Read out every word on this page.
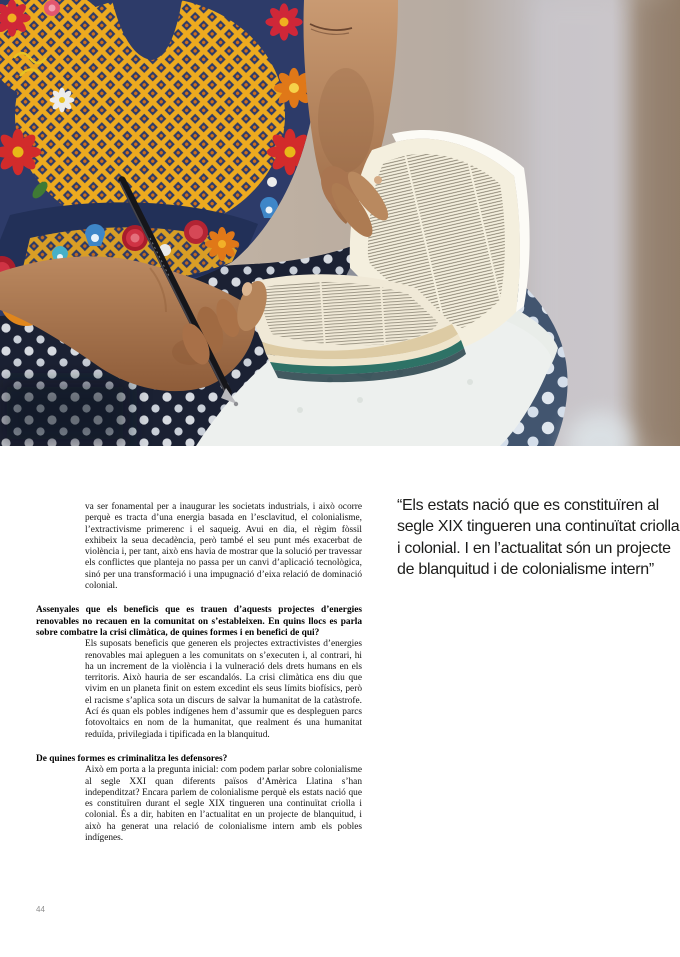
va ser fonamental per a inaugurar les societats industrials, i això ocorre perquè es tracta d’una energia basada en l’esclavitud, el colonialisme, l’extractivisme primerenc i el saqueig. Avui en dia, el règim fòssil exhibeix la seua decadència, però també el seu punt més exacerbat de violència i, per tant, això ens havia de mostrar que la solució per travessar els conflictes que planteja no passa per un canvi d’aplicació tecnològica, sinó per una transformació i una impugnació d’eixa relació de dominació colonial.

Assenyales que els beneficis que es trauen d’aquests projectes d’energies renovables no recauen en la comunitat on s’estableixen. En quins llocs es parla sobre combatre la crisi climàtica, de quines formes i en benefici de qui?

Els suposats beneficis que generen els projectes extractivistes d’energies renovables mai apleguen a les comunitats on s’executen i, al contrari, hi ha un increment de la violència i la vulneració dels drets humans en els territoris. Això hauria de ser escandalós. La crisi climàtica ens diu que vivim en un planeta finit on estem excedint els seus límits biofísics, però el racisme s’aplica sota un discurs de salvar la humanitat de la catàstrofe. Ací és quan els pobles indígenes hem d’assumir que es despleguen parcs fotovoltaics en nom de la humanitat, que realment és una humanitat reduïda, privilegiada i tipificada en la blanquitud.

De quines formes es criminalitza les defensores?

Això em porta a la pregunta inicial: com podem parlar sobre colonialisme al segle XXI quan diferents països d’Amèrica Llatina s’han independitzat? Encara parlem de colonialisme perquè els estats nació que es constituïren durant el segle XIX tingueren una continuïtat criolla i colonial. És a dir, habiten en l’actualitat en un projecte de blanquitud, i això ha generat una relació de colonialisme intern amb els pobles indígenes.

“Els estats nació que es constituïren al segle XIX tingueren una continuïtat criolla i colonial. I en l’actualitat són un projecte de blanquitud i de colonialisme intern”
44
